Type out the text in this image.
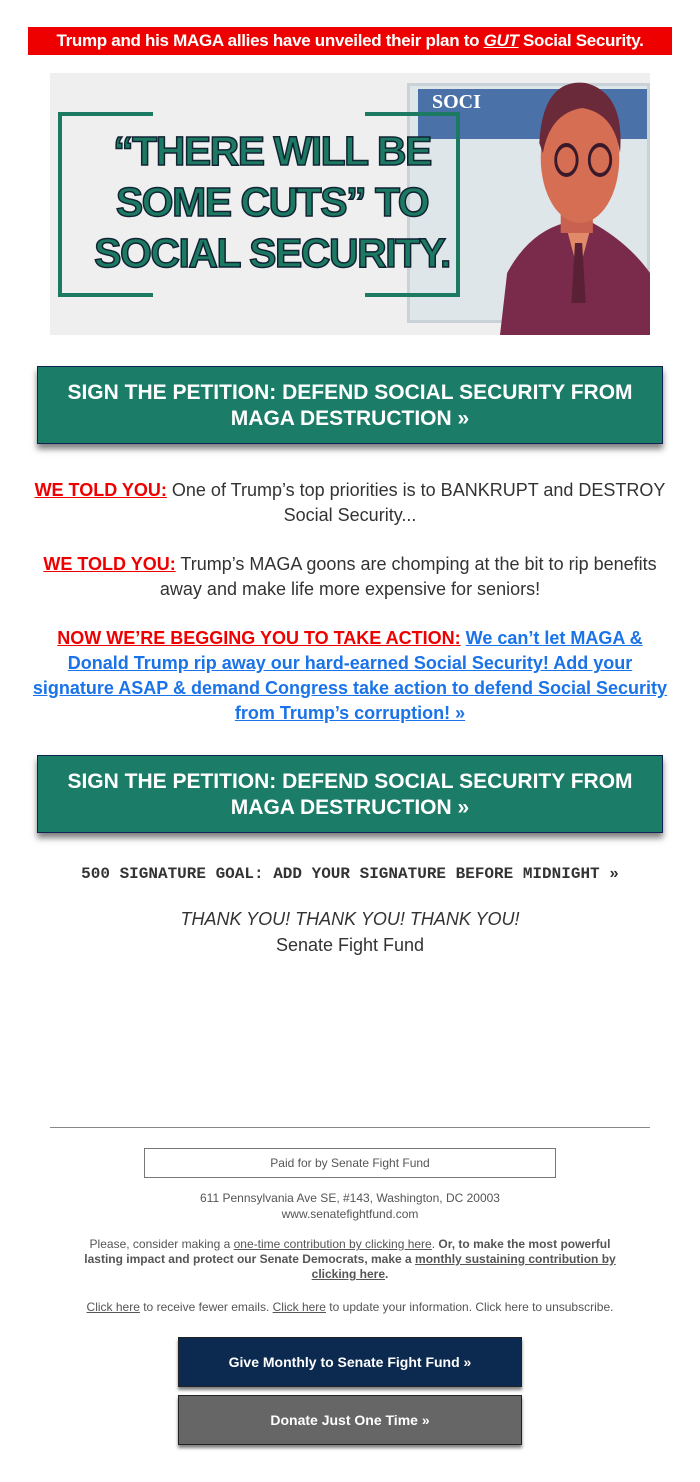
Trump and his MAGA allies have unveiled their plan to GUT Social Security.
SOCI
“THERE WILL BE SOME CUTS” TO SOCIAL SECURITY.
SIGN THE PETITION: DEFEND SOCIAL SECURITY FROM MAGA DESTRUCTION »

WE TOLD YOU: One of Trump’s top priorities is to BANKRUPT and DESTROY Social Security...

WE TOLD YOU: Trump’s MAGA goons are chomping at the bit to rip benefits away and make life more expensive for seniors!

NOW WE’RE BEGGING YOU TO TAKE ACTION: We can’t let MAGA & Donald Trump rip away our hard-earned Social Security! Add your signature ASAP & demand Congress take action to defend Social Security from Trump’s corruption! »

SIGN THE PETITION: DEFEND SOCIAL SECURITY FROM MAGA DESTRUCTION »
500 SIGNATURE GOAL: ADD YOUR SIGNATURE BEFORE MIDNIGHT »
THANK YOU! THANK YOU! THANK YOU!
Senate Fight Fund
Paid for by Senate Fight Fund
611 Pennsylvania Ave SE, #143, Washington, DC 20003
www.senatefightfund.com

Please, consider making a one-time contribution by clicking here. Or, to make the most powerful lasting impact and protect our Senate Democrats, make a monthly sustaining contribution by clicking here.

Click here to receive fewer emails. Click here to update your information. Click here to unsubscribe.

Give Monthly to Senate Fight Fund »
Donate Just One Time »
